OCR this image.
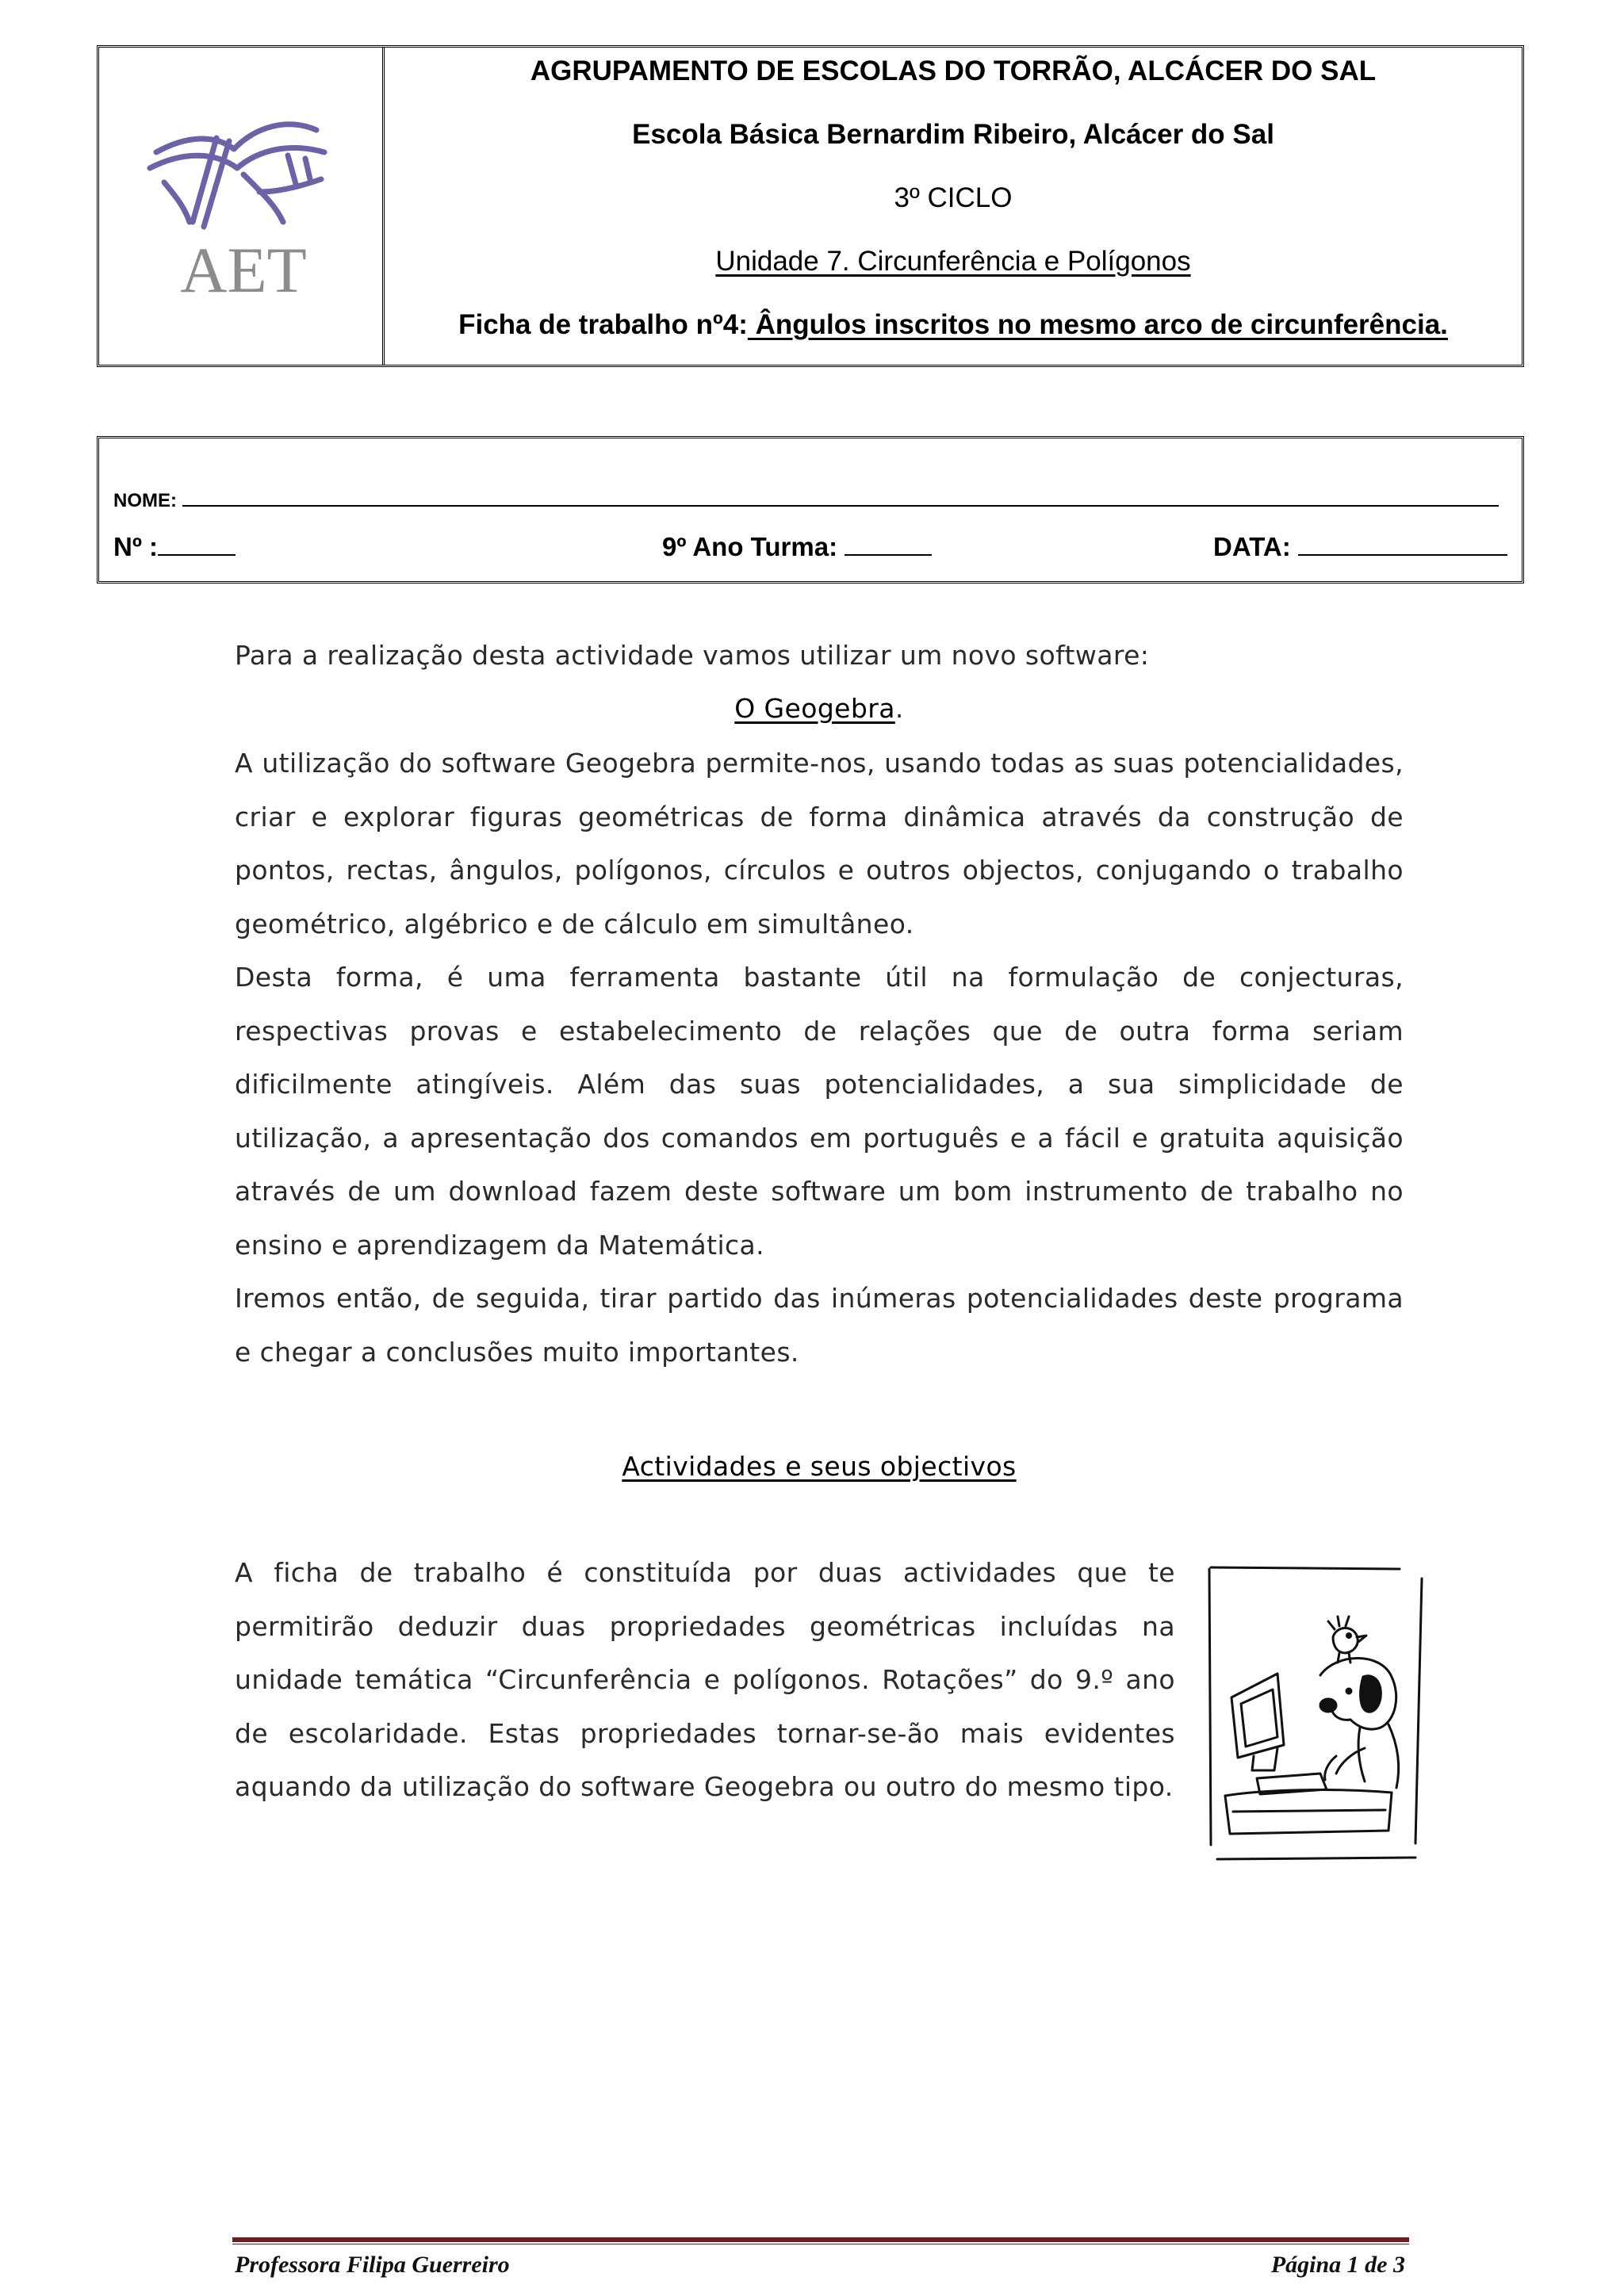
AET
AGRUPAMENTO DE ESCOLAS DO TORRÃO, ALCÁCER DO SAL
Escola Básica Bernardim Ribeiro, Alcácer do Sal
3º CICLO
Unidade 7. Circunferência e Polígonos
Ficha de trabalho nº4: Ângulos inscritos no mesmo arco de circunferência.
NOME:
Nº :	9º Ano Turma:	DATA:

Para a realização desta actividade vamos utilizar um novo software:

O Geogebra.

A utilização do software Geogebra permite-nos, usando todas as suas potencialidades, criar e explorar figuras geométricas de forma dinâmica através da construção de pontos, rectas, ângulos, polígonos, círculos e outros objectos, conjugando o trabalho geométrico, algébrico e de cálculo em simultâneo.

Desta forma, é uma ferramenta bastante útil na formulação de conjecturas, respectivas provas e estabelecimento de relações que de outra forma seriam dificilmente atingíveis. Além das suas potencialidades, a sua simplicidade de utilização, a apresentação dos comandos em português e a fácil e gratuita aquisição através de um download fazem deste software um bom instrumento de trabalho no ensino e aprendizagem da Matemática.

Iremos então, de seguida, tirar partido das inúmeras potencialidades deste programa e chegar a conclusões muito importantes.

Actividades e seus objectivos

A ficha de trabalho é constituída por duas actividades que te permitirão deduzir duas propriedades geométricas incluídas na unidade temática “Circunferência e polígonos. Rotações” do 9.º ano de escolaridade. Estas propriedades tornar-se-ão mais evidentes aquando da utilização do software Geogebra ou outro do mesmo tipo.

Professora Filipa Guerreiro	Página 1 de 3
